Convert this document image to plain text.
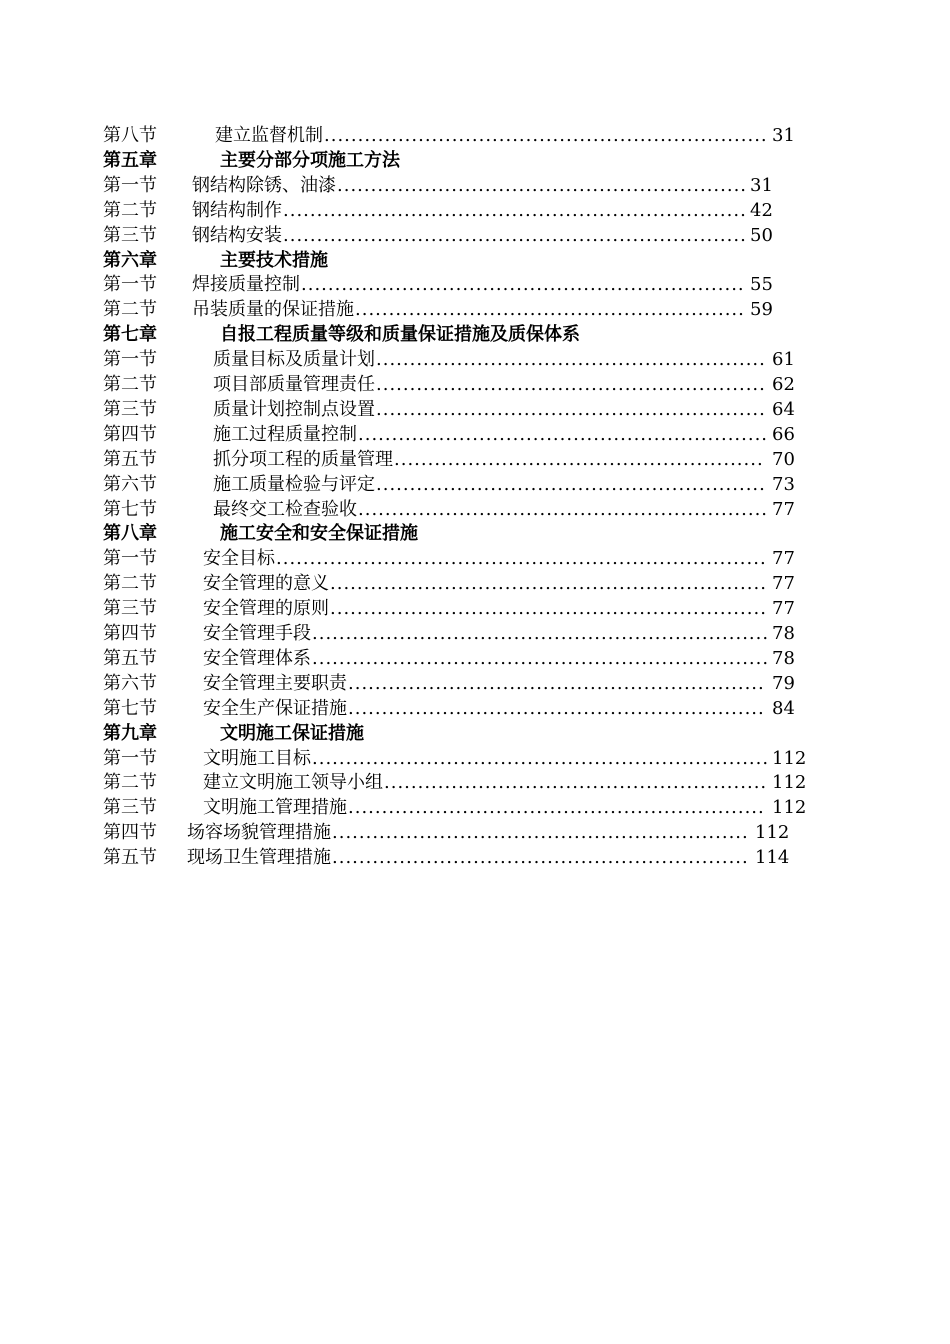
第八节	建立监督机制 .................................................................. 31
第五章	主要分部分项施工方法
第一节 钢结构除锈、油漆 ............................................................. 31
第二节 钢结构制作 ..................................................................... 42
第三节 钢结构安装 ..................................................................... 50
第六章	主要技术措施
第一节 焊接质量控制 .................................................................. 55
第二节 吊装质量的保证措施 .......................................................... 59
第七章	自报工程质量等级和质量保证措施及质保体系
第一节	质量目标及质量计划 .......................................................... 61
第二节	项目部质量管理责任 .......................................................... 62
第三节	质量计划控制点设置 .......................................................... 64
第四节	施工过程质量控制 ............................................................. 66
第五节	抓分项工程的质量管理 ....................................................... 70
第六节	施工质量检验与评定 .......................................................... 73
第七节	最终交工检查验收 ............................................................. 77
第八章	施工安全和安全保证措施
第一节	安全目标 ......................................................................... 77
第二节	安全管理的意义 ................................................................. 77
第三节	安全管理的原则 ................................................................. 77
第四节	安全管理手段 .................................................................... 78
第五节	安全管理体系 .................................................................... 78
第六节	安全管理主要职责 .............................................................. 79
第七节	安全生产保证措施 .............................................................. 84
第九章	文明施工保证措施
第一节	文明施工目标 .................................................................... 112
第二节	建立文明施工领导小组 ......................................................... 112
第三节	文明施工管理措施 .............................................................. 112
第四节 场容场貌管理措施 .............................................................. 112
第五节 现场卫生管理措施 .............................................................. 114
